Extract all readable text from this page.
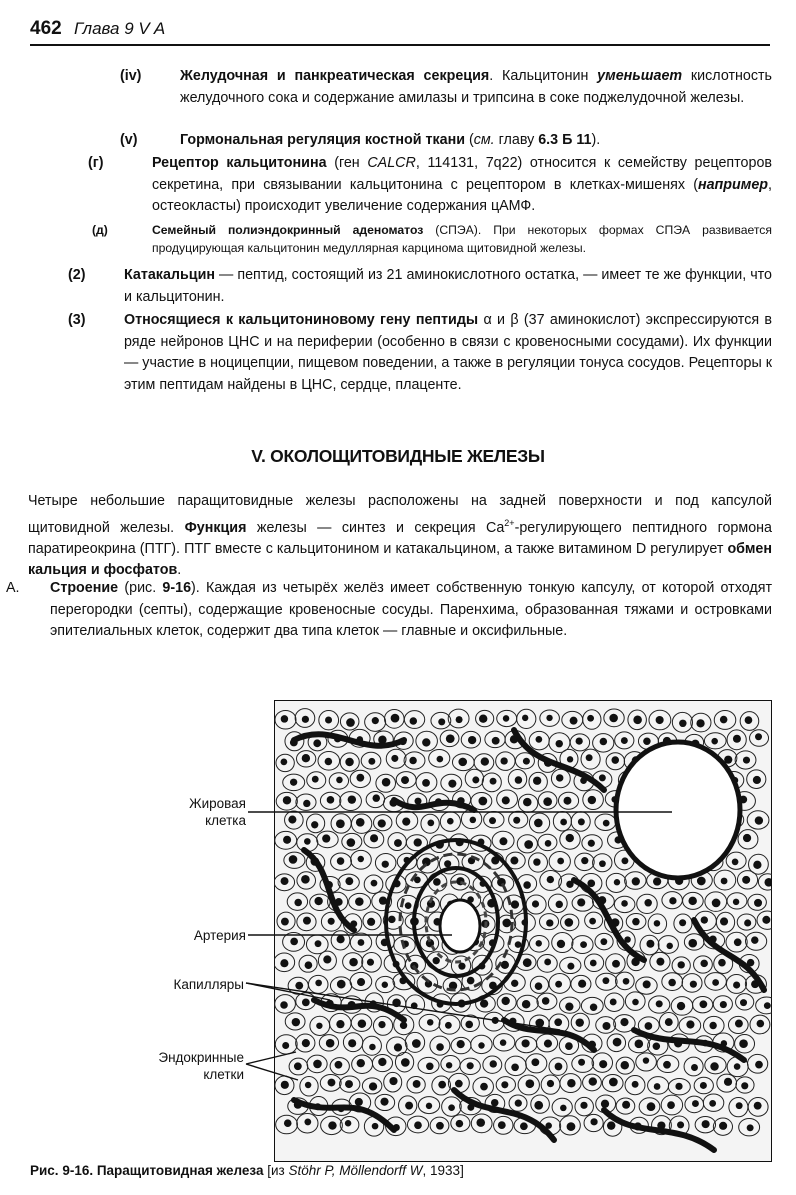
462 Глава 9 V A
(iv)	Желудочная и панкреатическая секреция. Кальцитонин уменьшает кислотность желудочного сока и содержание амилазы и трипсина в соке поджелудочной железы.
(v)	Гормональная регуляция костной ткани (см. главу 6.3 Б 11).
(г)	Рецептор кальцитонина (ген CALCR, 114131, 7q22) относится к семейству рецепторов секретина, при связывании кальцитонина с рецептором в клетках-мишенях (например, остеокласты) происходит увеличение содержания цАМФ.
(д)	Семейный полиэндокринный аденоматоз (СПЭА). При некоторых формах СПЭА развивается продуцирующая кальцитонин медуллярная карцинома щитовидной железы.
(2)	Катакальцин — пептид, состоящий из 21 аминокислотного остатка, — имеет те же функции, что и кальцитонин.
(3)	Относящиеся к кальцитониновому гену пептиды α и β (37 аминокислот) экспрессируются в ряде нейронов ЦНС и на периферии (особенно в связи с кровеносными сосудами). Их функции — участие в ноцицепции, пищевом поведении, а также в регуляции тонуса сосудов. Рецепторы к этим пептидам найдены в ЦНС, сердце, плаценте.
V. ОКОЛОЩИТОВИДНЫЕ ЖЕЛЕЗЫ
Четыре небольшие паращитовидные железы расположены на задней поверхности и под капсулой щитовидной железы. Функция железы — синтез и секреция $Ca^{2+}$-регулирующего пептидного гормона паратиреокрина (ПТГ). ПТГ вместе с кальцитонином и катакальцином, а также витамином D регулирует обмен кальция и фосфатов.
А. Строение (рис. 9-16). Каждая из четырёх желёз имеет собственную тонкую капсулу, от которой отходят перегородки (септы), содержащие кровеносные сосуды. Паренхима, образованная тяжами и островками эпителиальных клеток, содержит два типа клеток — главные и оксифильные.
Жировая клетка
Артерия
Капилляры
Эндокринные клетки
Рис. 9-16. Паращитовидная железа [из Stöhr P, Möllendorff W, 1933]
